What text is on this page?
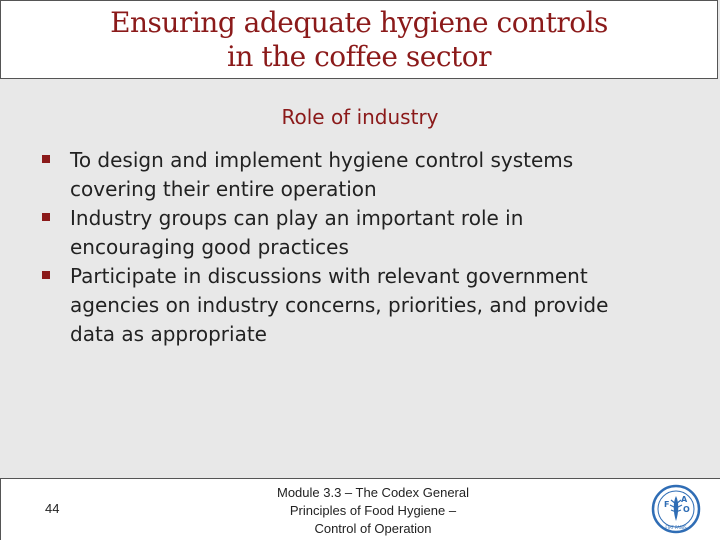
Ensuring adequate hygiene controls
in the coffee sector
Role of industry
To design and implement hygiene control systems
covering their entire operation
Industry groups can play an important role in
encouraging good practices
Participate in discussions with relevant government
agencies on industry concerns, priorities, and provide
data as appropriate
44
Module 3.3 – The Codex General
Principles of Food Hygiene –
Control of Operation
F
A
O
FIAT PANIS
